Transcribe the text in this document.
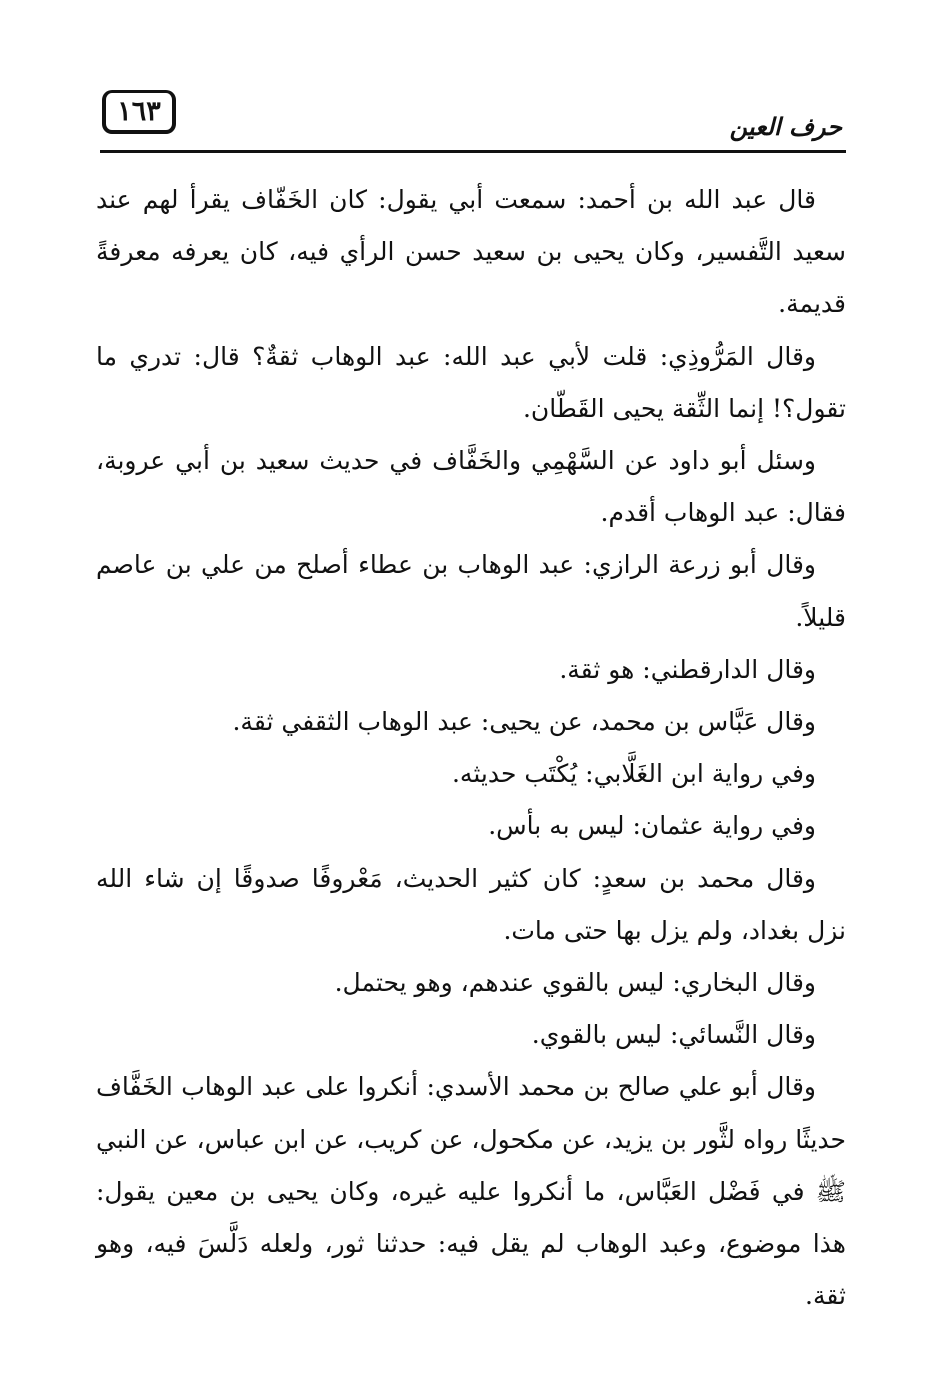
١٦٣	حرف العين

قال عبد الله بن أحمد: سمعت أبي يقول: كان الخَفّاف يقرأ لهم عند سعيد التَّفسير، وكان يحيى بن سعيد حسن الرأي فيه، كان يعرفه معرفةً قديمة.

وقال المَرُّوذِي: قلت لأبي عبد الله: عبد الوهاب ثقةٌ؟ قال: تدري ما تقول؟! إنما الثِّقة يحيى القَطّان.

وسئل أبو داود عن السَّهْمِي والخَفَّاف في حديث سعيد بن أبي عروبة، فقال: عبد الوهاب أقدم.

وقال أبو زرعة الرازي: عبد الوهاب بن عطاء أصلح من علي بن عاصم قليلاً.

وقال الدارقطني: هو ثقة.

وقال عَبَّاس بن محمد، عن يحيى: عبد الوهاب الثقفي ثقة.

وفي رواية ابن الغَلَّابي: يُكْتَب حديثه.

وفي رواية عثمان: ليس به بأس.

وقال محمد بن سعدٍ: كان كثير الحديث، مَعْروفًا صدوقًا إن شاء الله نزل بغداد، ولم يزل بها حتى مات.

وقال البخاري: ليس بالقوي عندهم، وهو يحتمل.

وقال النَّسائي: ليس بالقوي.

وقال أبو علي صالح بن محمد الأسدي: أنكروا على عبد الوهاب الخَفَّاف حديثًا رواه لثَّور بن يزيد، عن مكحول، عن كريب، عن ابن عباس، عن النبي ﷺ في فَضْل العَبَّاس، ما أنكروا عليه غيره، وكان يحيى بن معين يقول: هذا موضوع، وعبد الوهاب لم يقل فيه: حدثنا ثور، ولعله دَلَّسَ فيه، وهو ثقة.
